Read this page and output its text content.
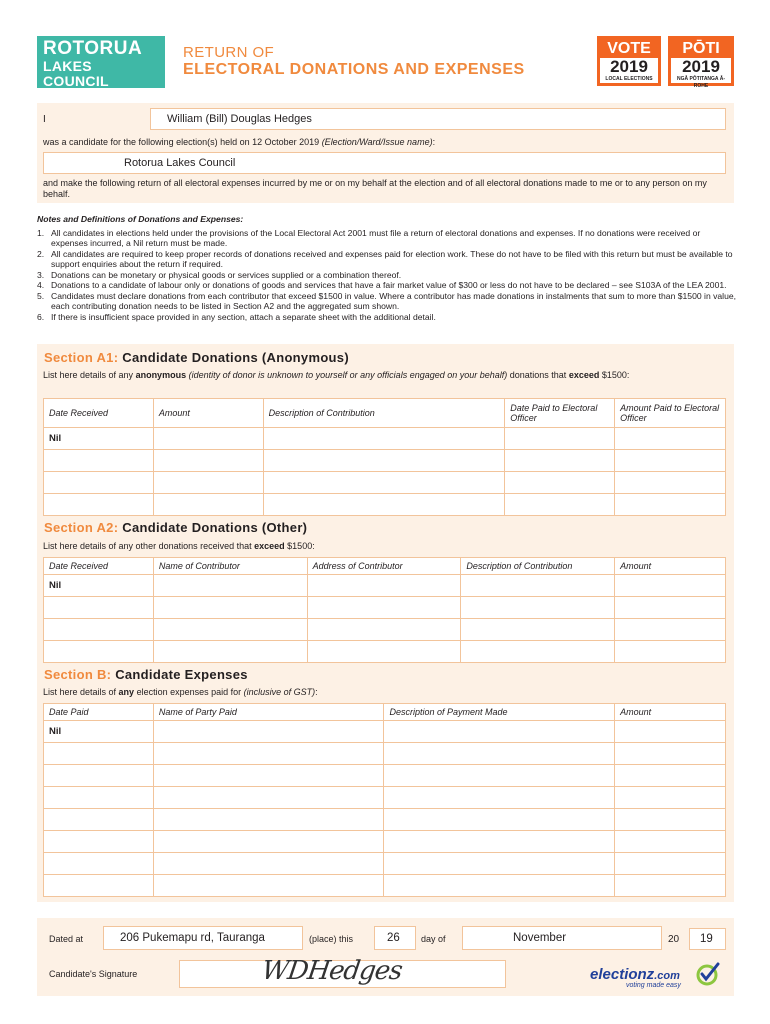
ROTORUA
LAKES COUNCIL
Te kaunihera a ngā roto o Rotorua
RETURN OF
ELECTORAL DONATIONS AND EXPENSES
VOTE
2019
LOCAL ELECTIONS
PŌTI
2019
NGĀ PŌTITANGA Ā-ROHE
I	William (Bill) Douglas Hedges
was a candidate for the following election(s) held on 12 October 2019 (Election/Ward/Issue name):
Rotorua Lakes Council
and make the following return of all electoral expenses incurred by me or on my behalf at the election and of all electoral donations made to me or to any person on my behalf.
Notes and Definitions of Donations and Expenses:
1. All candidates in elections held under the provisions of the Local Electoral Act 2001 must file a return of electoral donations and expenses. If no donations were received or expenses incurred, a Nil return must be made.
2. All candidates are required to keep proper records of donations received and expenses paid for election work. These do not have to be filed with this return but must be available to support enquiries about the return if required.
3. Donations can be monetary or physical goods or services supplied or a combination thereof.
4. Donations to a candidate of labour only or donations of goods and services that have a fair market value of $300 or less do not have to be declared – see S103A of the LEA 2001.
5. Candidates must declare donations from each contributor that exceed $1500 in value. Where a contributor has made donations in instalments that sum to more than $1500 in value, each contributing donation needs to be listed in Section A2 and the aggregated sum shown.
6. If there is insufficient space provided in any section, attach a separate sheet with the additional detail.
Section A1: Candidate Donations (Anonymous)
List here details of any anonymous (identity of donor is unknown to yourself or any officials engaged on your behalf) donations that exceed $1500:
Date Received	Amount	Description of Contribution	Date Paid to Electoral Officer	Amount Paid to Electoral Officer
Nil				

Section A2: Candidate Donations (Other)
List here details of any other donations received that exceed $1500:
Date Received	Name of Contributor	Address of Contributor	Description of Contribution	Amount
Nil				

Section B: Candidate Expenses
List here details of any election expenses paid for (inclusive of GST):
Date Paid	Name of Party Paid	Description of Payment Made	Amount
Nil			

Dated at	206 Pukemapu rd, Tauranga	(place) this	26 day of	November	20 19
Candidate's Signature	WDHedges	electionz.com
voting made easy
